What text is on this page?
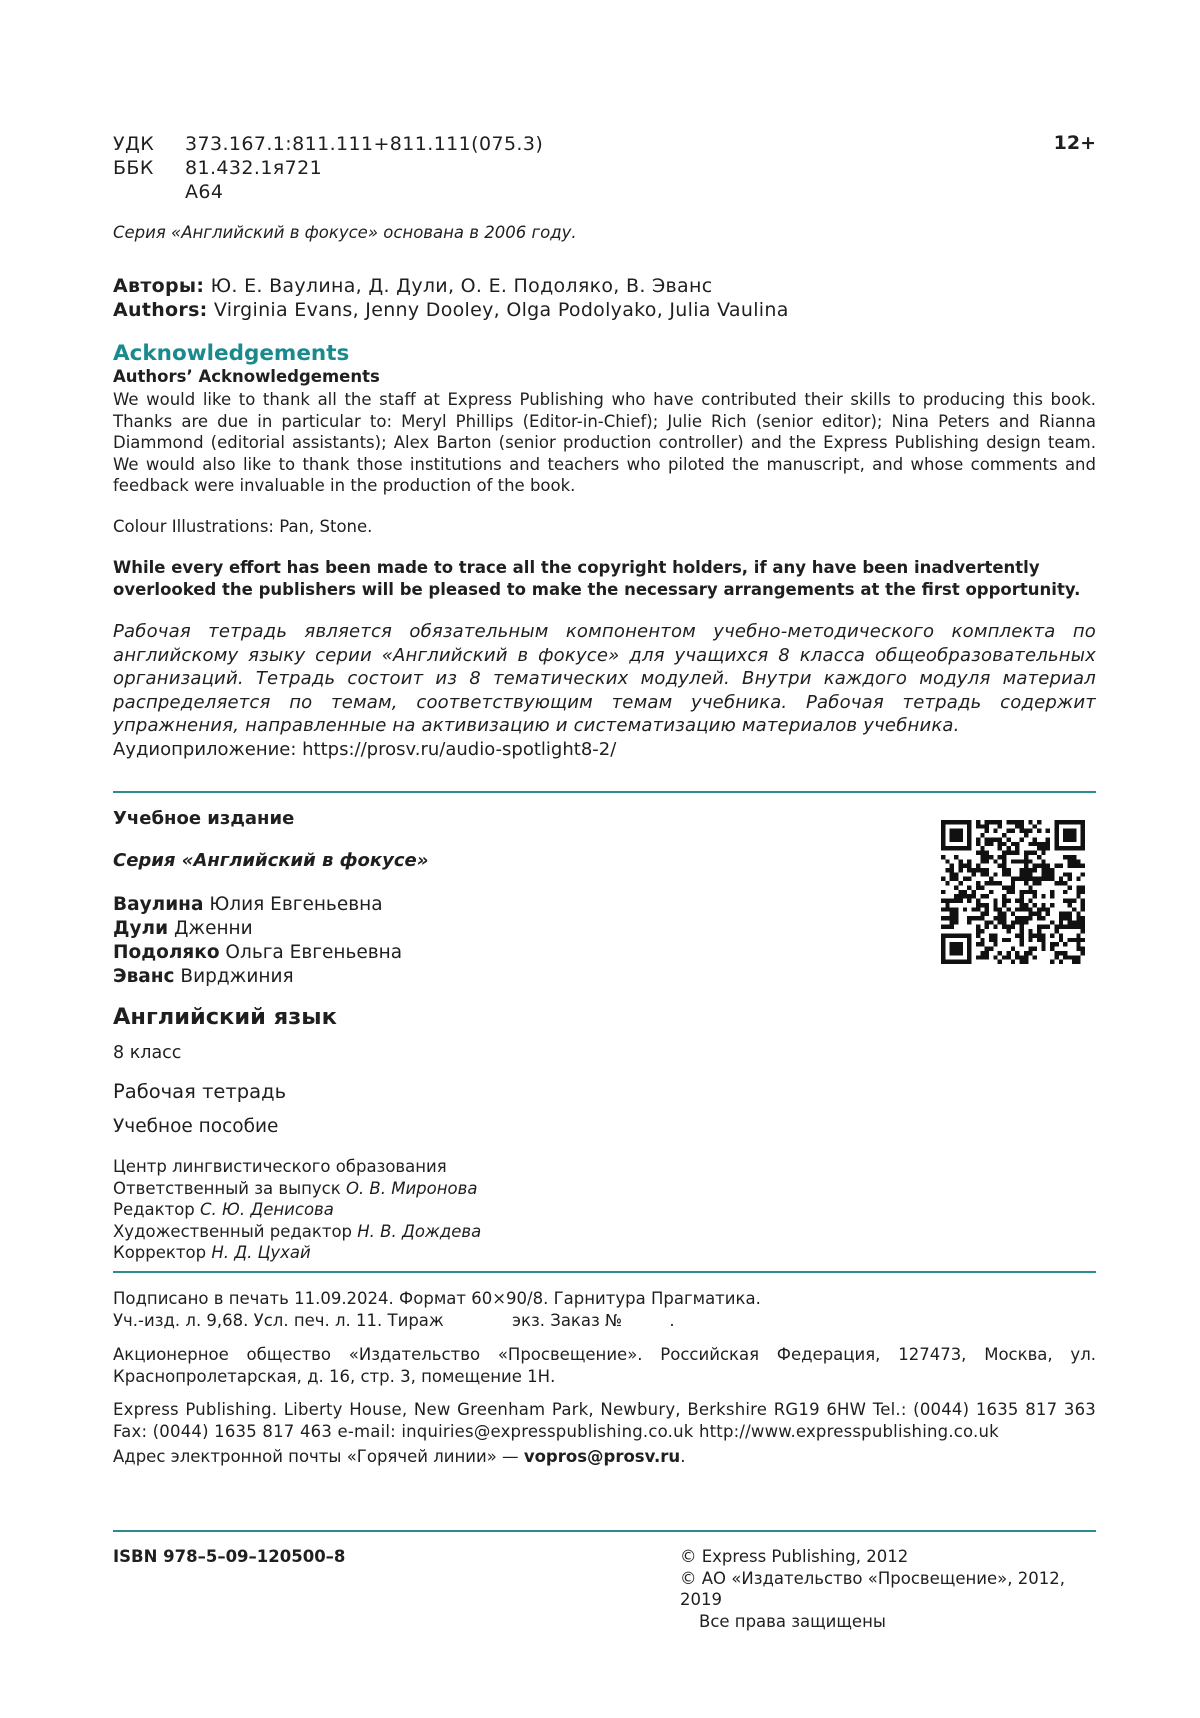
УДК	373.167.1:811.111+811.111(075.3)
ББК	81.432.1я721
А64
12+
Серия «Английский в фокусе» основана в 2006 году.
Авторы: Ю. Е. Ваулина, Д. Дули, О. Е. Подоляко, В. Эванс
Authors: Virginia Evans, Jenny Dooley, Olga Podolyako, Julia Vaulina
Acknowledgements
Authors’ Acknowledgements
We would like to thank all the staff at Express Publishing who have contributed their skills to producing this book. Thanks are due in particular to: Meryl Phillips (Editor-in-Chief); Julie Rich (senior editor); Nina Peters and Rianna Diammond (editorial assistants); Alex Barton (senior production controller) and the Express Publishing design team. We would also like to thank those institutions and teachers who piloted the manuscript, and whose comments and feedback were invaluable in the production of the book.
Colour Illustrations: Pan, Stone.
While every effort has been made to trace all the copyright holders, if any have been inadvertently overlooked the publishers will be pleased to make the necessary arrangements at the first opportunity.
Рабочая тетрадь является обязательным компонентом учебно-методического комплекта по английскому языку серии «Английский в фокусе» для учащихся 8 класса общеобразовательных организаций. Тетрадь состоит из 8 тематических модулей. Внутри каждого модуля материал распределяется по темам, соответствующим темам учебника. Рабочая тетрадь содержит упражнения, направленные на активизацию и систематизацию материалов учебника.
Аудиоприложение: https://prosv.ru/audio-spotlight8-2/
Учебное издание
Серия «Английский в фокусе»
Ваулина Юлия Евгеньевна
Дули Дженни
Подоляко Ольга Евгеньевна
Эванс Вирджиния
Английский язык
8 класс
Рабочая тетрадь
Учебное пособие
Центр лингвистического образования
Ответственный за выпуск О. В. Миронова
Редактор С. Ю. Денисова
Художественный редактор Н. В. Дождева
Корректор Н. Д. Цухай
Подписано в печать 11.09.2024. Формат 60×90/8. Гарнитура Прагматика.
Уч.-изд. л. 9,68. Усл. печ. л. 11. Тираж             экз. Заказ №         .
Акционерное общество «Издательство «Просвещение». Российская Федерация, 127473, Москва, ул. Краснопролетарская, д. 16, стр. 3, помещение 1Н.
Express Publishing. Liberty House, New Greenham Park, Newbury, Berkshire RG19 6HW Tel.: (0044) 1635 817 363 Fax: (0044) 1635 817 463 e-mail: inquiries@expresspublishing.co.uk http://www.expresspublishing.co.uk
Адрес электронной почты «Горячей линии» — vopros@prosv.ru.
ISBN 978–5–09–120500–8	© Express Publishing, 2012
© АО «Издательство «Просвещение», 2012, 2019
Все права защищены
